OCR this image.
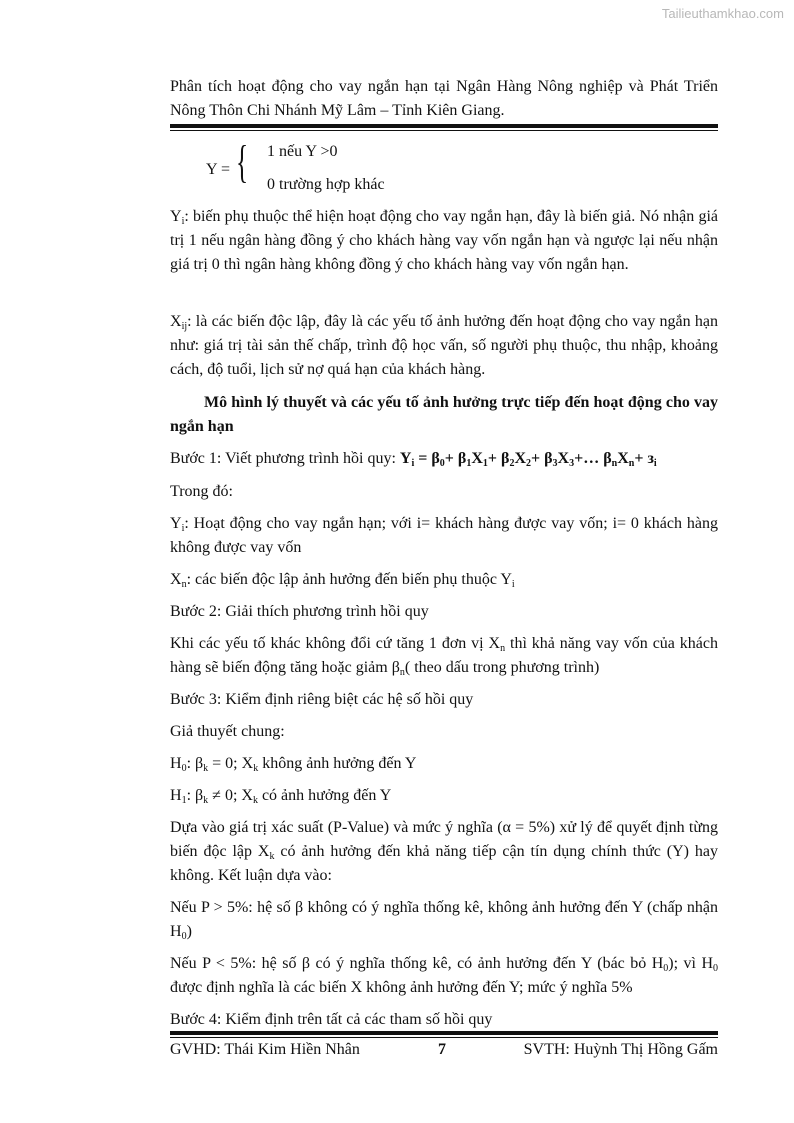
Tailieuthamkhao.com
Phân tích hoạt động cho vay ngắn hạn tại Ngân Hàng Nông nghiệp và Phát Triển Nông Thôn Chi Nhánh Mỹ Lâm – Tỉnh Kiên Giang.
Y = { 1 nếu Y >0
0 trường hợp khác
$Y_i$: biến phụ thuộc thể hiện hoạt động cho vay ngắn hạn, đây là biến giả. Nó nhận giá trị 1 nếu ngân hàng đồng ý cho khách hàng vay vốn ngắn hạn và ngược lại nếu nhận giá trị 0 thì ngân hàng không đồng ý cho khách hàng vay vốn ngắn hạn.
$X_{ij}$: là các biến độc lập, đây là các yếu tố ảnh hưởng đến hoạt động cho vay ngắn hạn như: giá trị tài sản thế chấp, trình độ học vấn, số người phụ thuộc, thu nhập, khoảng cách, độ tuổi, lịch sử nợ quá hạn của khách hàng.
Mô hình lý thuyết và các yếu tố ảnh hưởng trực tiếp đến hoạt động cho vay ngắn hạn
Bước 1: Viết phương trình hồi quy: $Y_i = \beta_0+ \beta_1X_1+ \beta_2X_2+$ $\beta_3X_3+\dots$ $\beta_nX_n+ з_i$
Trong đó:
$Y_i$: Hoạt động cho vay ngắn hạn; với i= khách hàng được vay vốn; i= 0 khách hàng không được vay vốn
$X_n$: các biến độc lập ảnh hưởng đến biến phụ thuộc $Y_i$
Bước 2: Giải thích phương trình hồi quy
Khi các yếu tố khác không đổi cứ tăng 1 đơn vị $X_n$ thì khả năng vay vốn của khách hàng sẽ biến động tăng hoặc giảm $\beta_n$( theo dấu trong phương trình)
Bước 3: Kiểm định riêng biệt các hệ số hồi quy
Giả thuyết chung:
$H_0$: $\beta_k = 0$; $X_k$ không ảnh hưởng đến Y
$H_1$: $\beta_k \ne 0$; $X_k$ có ảnh hưởng đến Y
Dựa vào giá trị xác suất (P-Value) và mức ý nghĩa (α = 5%) xử lý để quyết định từng biến độc lập $X_k$ có ảnh hưởng đến khả năng tiếp cận tín dụng chính thức (Y) hay không. Kết luận dựa vào:
Nếu P > 5%: hệ số β không có ý nghĩa thống kê, không ảnh hưởng đến Y (chấp nhận $H_0$)
Nếu P < 5%: hệ số β có ý nghĩa thống kê, có ảnh hưởng đến Y (bác bỏ $H_0$); vì $H_0$ được định nghĩa là các biến X không ảnh hưởng đến Y; mức ý nghĩa 5%
Bước 4: Kiểm định trên tất cả các tham số hồi quy
GVHD: Thái Kim Hiền Nhân	7	SVTH: Huỳnh Thị Hồng Gấm
